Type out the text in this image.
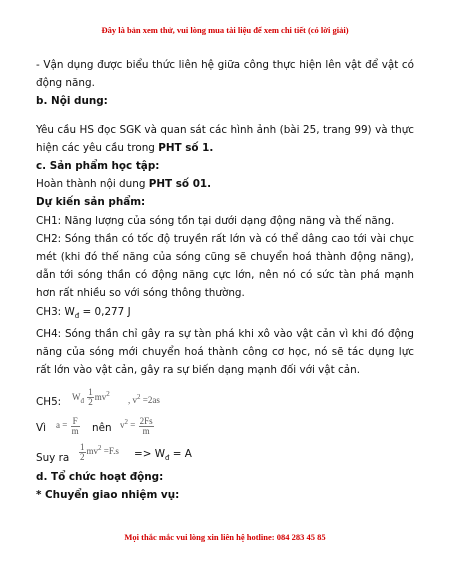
Đây là bản xem thử, vui lòng mua tài liệu để xem chi tiết (có lời giải)

- Vận dụng được biểu thức liên hệ giữa công thực hiện lên vật để vật có động năng.

b. Nội dung:

Yêu cầu HS đọc SGK và quan sát các hình ảnh (bài 25, trang 99) và thực hiện các yêu cầu trong PHT số 1.

c. Sản phẩm học tập:

Hoàn thành nội dung PHT số 01.

Dự kiến sản phẩm:

CH1: Năng lượng của sóng tồn tại dưới dạng động năng và thế năng.

CH2: Sóng thần có tốc độ truyền rất lớn và có thể dâng cao tới vài chục mét (khi đó thế năng của sóng cũng sẽ chuyển hoá thành động năng), dẫn tới sóng thần có động năng cực lớn, nên nó có sức tàn phá mạnh hơn rất nhiều so với sóng thông thường.

CH3: $W_đ = 0,277$ J

CH4: Sóng thần chỉ gây ra sự tàn phá khi xô vào vật cản vì khi đó động năng của sóng mới chuyển hoá thành công cơ học, nó sẽ tác dụng lực rất lớn vào vật cản, gây ra sự biến dạng mạnh đối với vật cản.

CH5: $W_đ \frac{1}{2} mv^2$
, $v^2 =2as$
Vì $a = \frac{F}{m}$ nên $v^2 = \frac{2Fs}{m}$
Suy ra $\frac{1}{2} mv^2 =F.s => W_đ = A$

d. Tổ chức hoạt động:

* Chuyển giao nhiệm vụ:

Mọi thắc mắc vui lòng xin liên hệ hotline: 084 283 45 85
